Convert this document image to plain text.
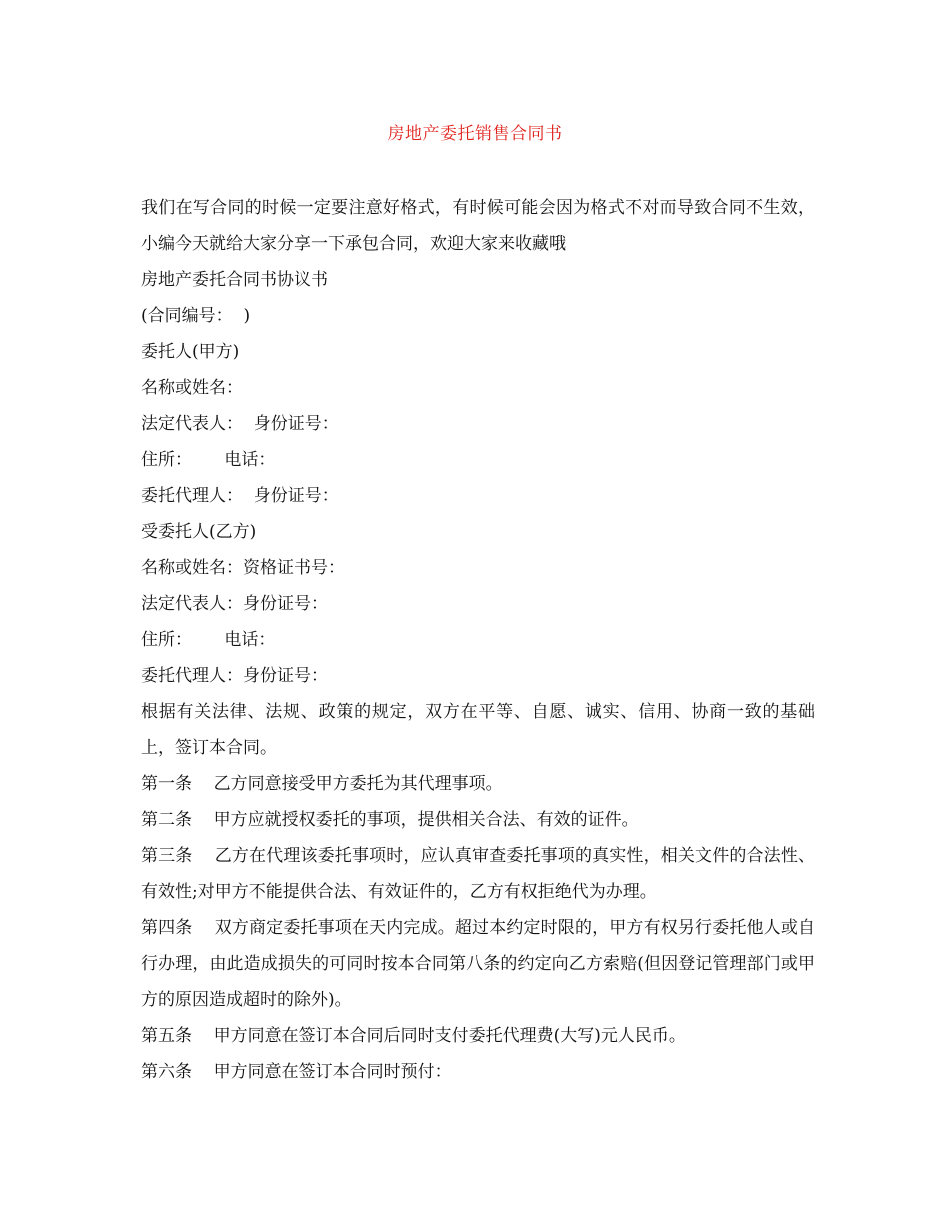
房地产委托销售合同书

我们在写合同的时候一定要注意好格式，有时候可能会因为格式不对而导致合同不生效，小编今天就给大家分享一下承包合同，欢迎大家来收藏哦

房地产委托合同书协议书

(合同编号：  )

委托人(甲方)

名称或姓名：

法定代表人：  身份证号：

住所：      电话：

委托代理人：  身份证号：

受委托人(乙方)

名称或姓名：资格证书号：

法定代表人：身份证号：

住所：      电话：

委托代理人：身份证号：

根据有关法律、法规、政策的规定，双方在平等、自愿、诚实、信用、协商一致的基础上，签订本合同。

第一条    乙方同意接受甲方委托为其代理事项。

第二条    甲方应就授权委托的事项，提供相关合法、有效的证件。

第三条    乙方在代理该委托事项时，应认真审查委托事项的真实性，相关文件的合法性、有效性;对甲方不能提供合法、有效证件的，乙方有权拒绝代为办理。

第四条    双方商定委托事项在天内完成。超过本约定时限的，甲方有权另行委托他人或自行办理，由此造成损失的可同时按本合同第八条的约定向乙方索赔(但因登记管理部门或甲方的原因造成超时的除外)。

第五条    甲方同意在签订本合同后同时支付委托代理费(大写)元人民币。

第六条    甲方同意在签订本合同时预付：
